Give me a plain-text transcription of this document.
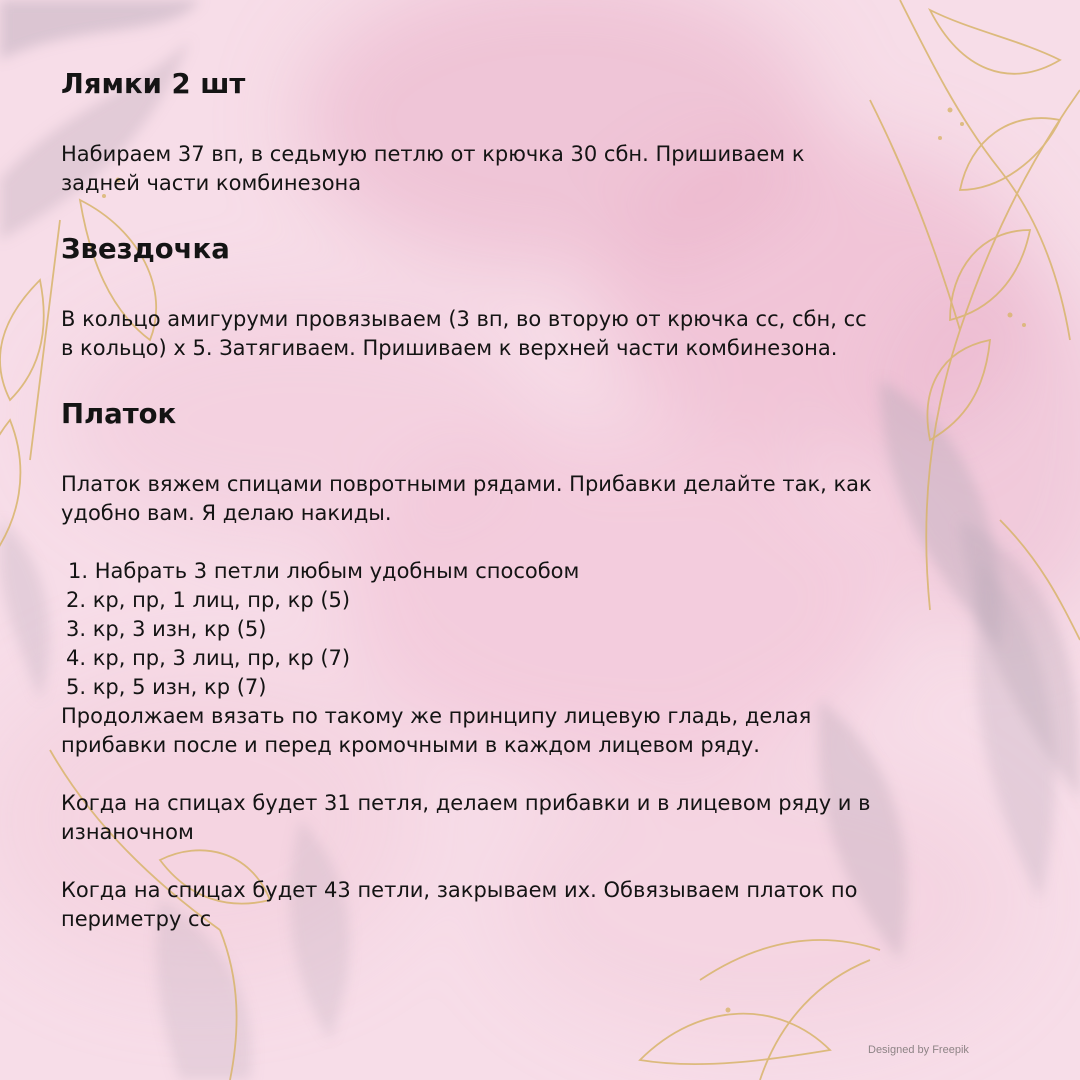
Лямки 2 шт

Набираем 37 вп, в седьмую петлю от крючка 30 сбн. Пришиваем к

задней части комбинезона

Звездочка

В кольцо амигуруми провязываем (3 вп, во вторую от крючка сс, сбн, сс

в кольцо) х 5. Затягиваем. Пришиваем к верхней части комбинезона.

Платок

Платок вяжем спицами повротными рядами. Прибавки делайте так, как

удобно вам. Я делаю накиды.

1. Набрать 3 петли любым удобным способом

2. кр, пр, 1 лиц, пр, кр (5)

3. кр, 3 изн, кр (5)

4. кр, пр, 3 лиц, пр, кр (7)

5. кр, 5 изн, кр (7)

Продолжаем вязать по такому же принципу лицевую гладь, делая

прибавки после и перед кромочными в каждом лицевом ряду.

Когда на спицах будет 31 петля, делаем прибавки и в лицевом ряду и в

изнаночном

Когда на спицах будет 43 петли, закрываем их. Обвязываем платок по

периметру сс

Designed by Freepik
